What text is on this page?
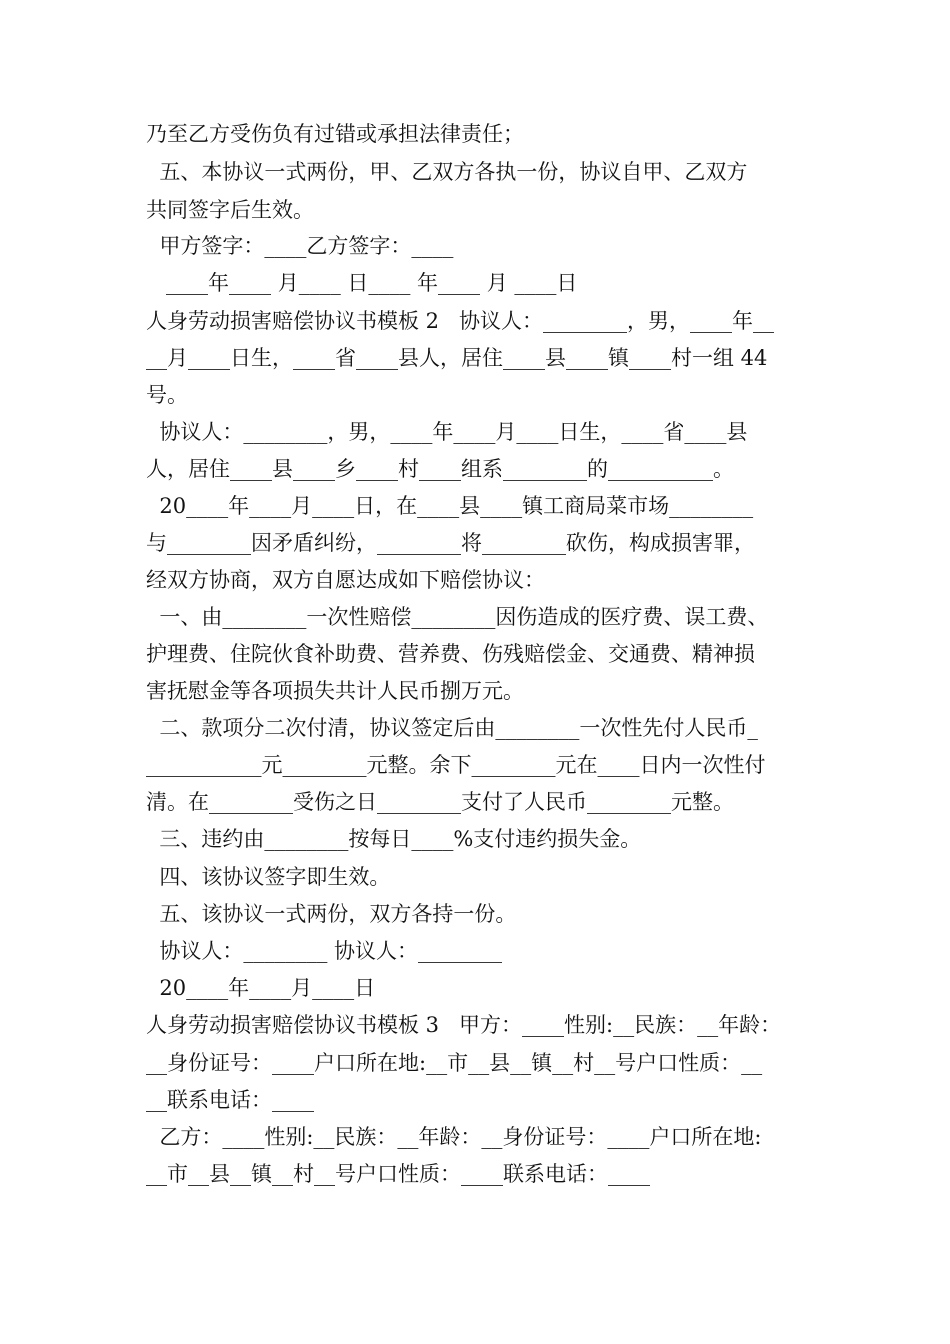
乃至乙方受伤负有过错或承担法律责任；
五、本协议一式两份，甲、乙双方各执一份，协议自甲、乙双方
共同签字后生效。
甲方签字：____乙方签字：____
____年____ 月____ 日____ 年____ 月 ____日
人身劳动损害赔偿协议书模板 2   协议人：________，男，____年__
__月____日生，____省____县人，居住____县____镇____村一组 44
号。
协议人：________，男，____年____月____日生，____省____县
人，居住____县____乡____村____组系________的__________。
20____年____月____日，在____县____镇工商局菜市场________
与________因矛盾纠纷，________将________砍伤，构成损害罪，
经双方协商，双方自愿达成如下赔偿协议：
一、由________一次性赔偿________因伤造成的医疗费、误工费、
护理费、住院伙食补助费、营养费、伤残赔偿金、交通费、精神损
害抚慰金等各项损失共计人民币捌万元。
二、款项分二次付清，协议签定后由________一次性先付人民币_
___________元________元整。余下________元在____日内一次性付
清。在________受伤之日________支付了人民币________元整。
三、违约由________按每日____%支付违约损失金。
四、该协议签字即生效。
五、该协议一式两份，双方各持一份。
协议人：________ 协议人：________
20____年____月____日
人身劳动损害赔偿协议书模板 3   甲方：____性别:__民族：__年龄：
__身份证号：____户口所在地:__市__县__镇__村__号户口性质：__
__联系电话：____
乙方：____性别:__民族：__年龄：__身份证号：____户口所在地:
__市__县__镇__村__号户口性质：____联系电话：____
